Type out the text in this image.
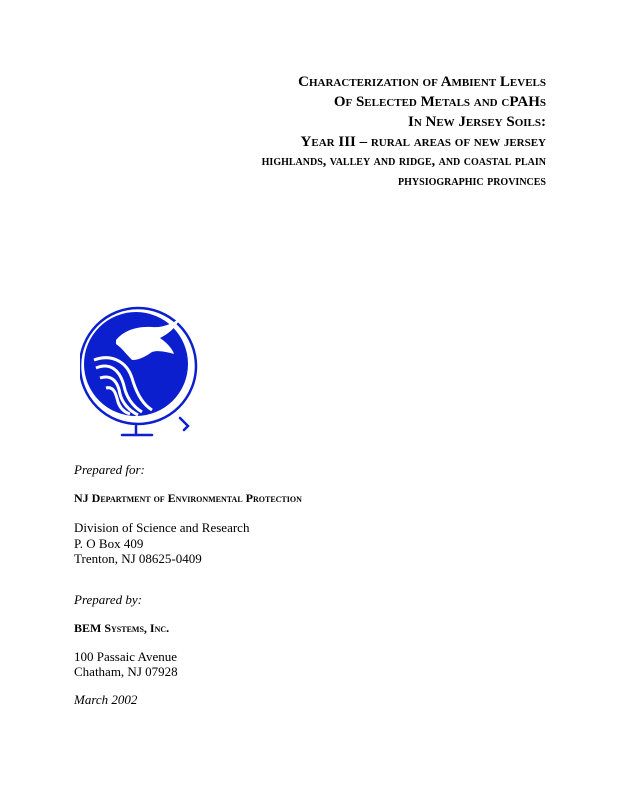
Characterization of Ambient Levels
Of Selected Metals and cPAHs
In New Jersey Soils:
Year III – rural areas of new jersey
highlands, valley and ridge, and coastal plain
physiographic provinces
Prepared for:
NJ Department of Environmental Protection
Division of Science and Research
P. O Box 409
Trenton, NJ 08625-0409
Prepared by:
BEM Systems, Inc.
100 Passaic Avenue
Chatham, NJ 07928
March 2002
